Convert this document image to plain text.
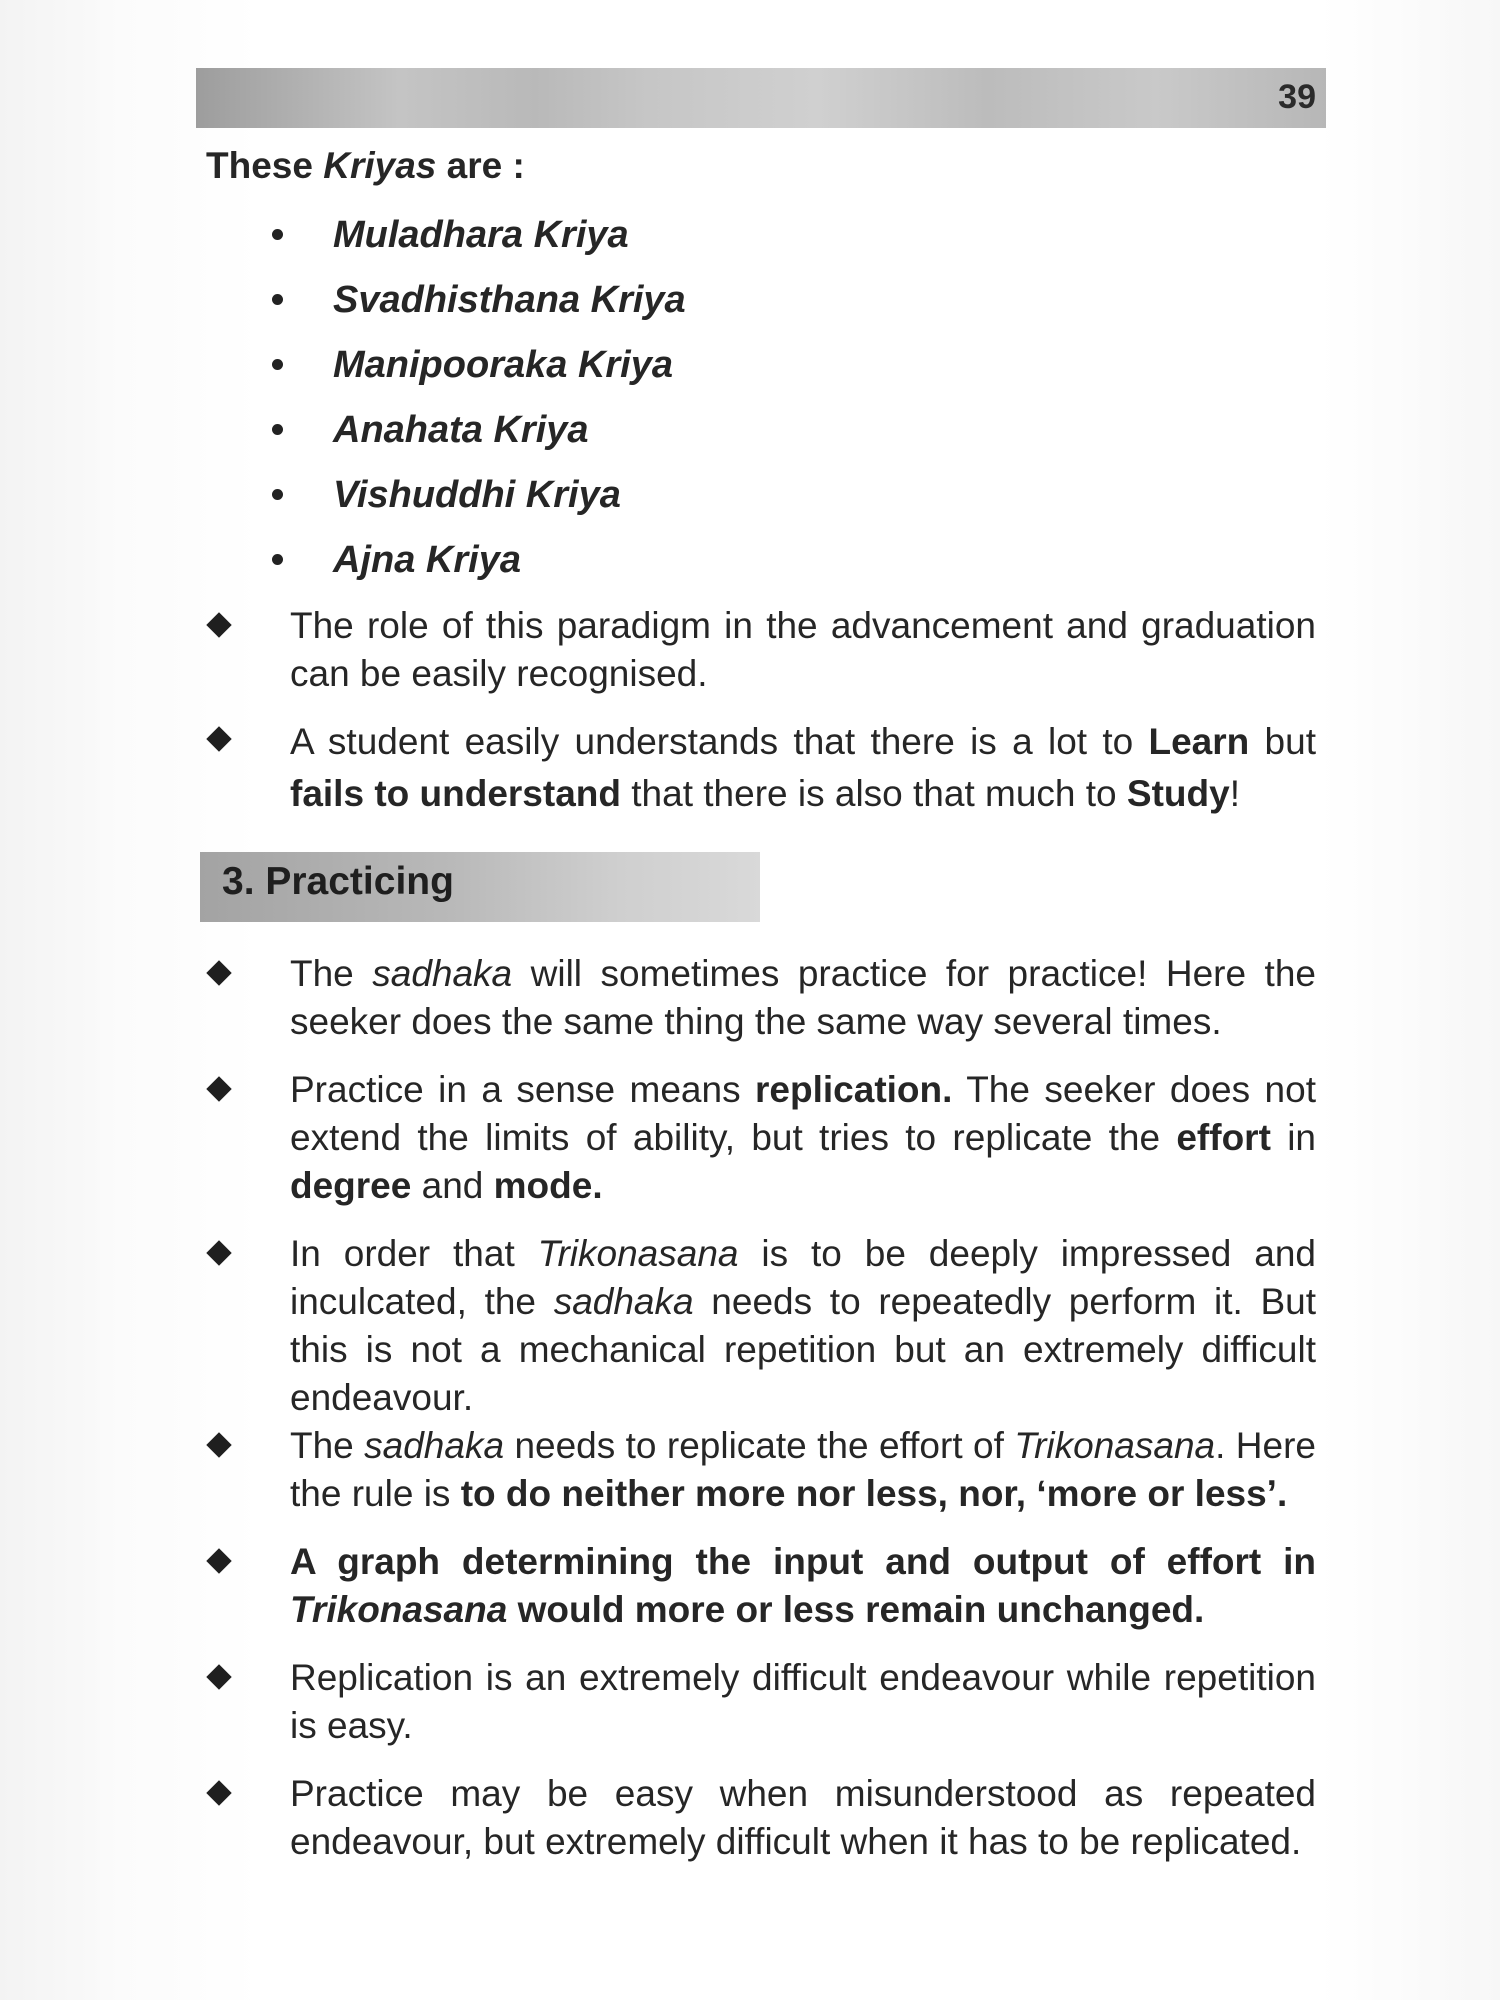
39

These Kriyas are :

Muladhara Kriya
Svadhisthana Kriya
Manipooraka Kriya
Anahata Kriya
Vishuddhi Kriya
Ajna Kriya
The role of this paradigm in the advancement and graduation can be easily recognised.
A student easily understands that there is a lot to Learn but fails to understand that there is also that much to Study!
3. Practicing
The sadhaka will sometimes practice for practice! Here the seeker does the same thing the same way several times.
Practice in a sense means replication. The seeker does not extend the limits of ability, but tries to replicate the effort in degree and mode.
In order that Trikonasana is to be deeply impressed and inculcated, the sadhaka needs to repeatedly perform it. But this is not a mechanical repetition but an extremely difficult endeavour.
The sadhaka needs to replicate the effort of Trikonasana. Here the rule is to do neither more nor less, nor, ‘more or less’.
A graph determining the input and output of effort in Trikonasana would more or less remain unchanged.
Replication is an extremely difficult endeavour while repetition is easy.
Practice may be easy when misunderstood as repeated endeavour, but extremely difficult when it has to be replicated.
